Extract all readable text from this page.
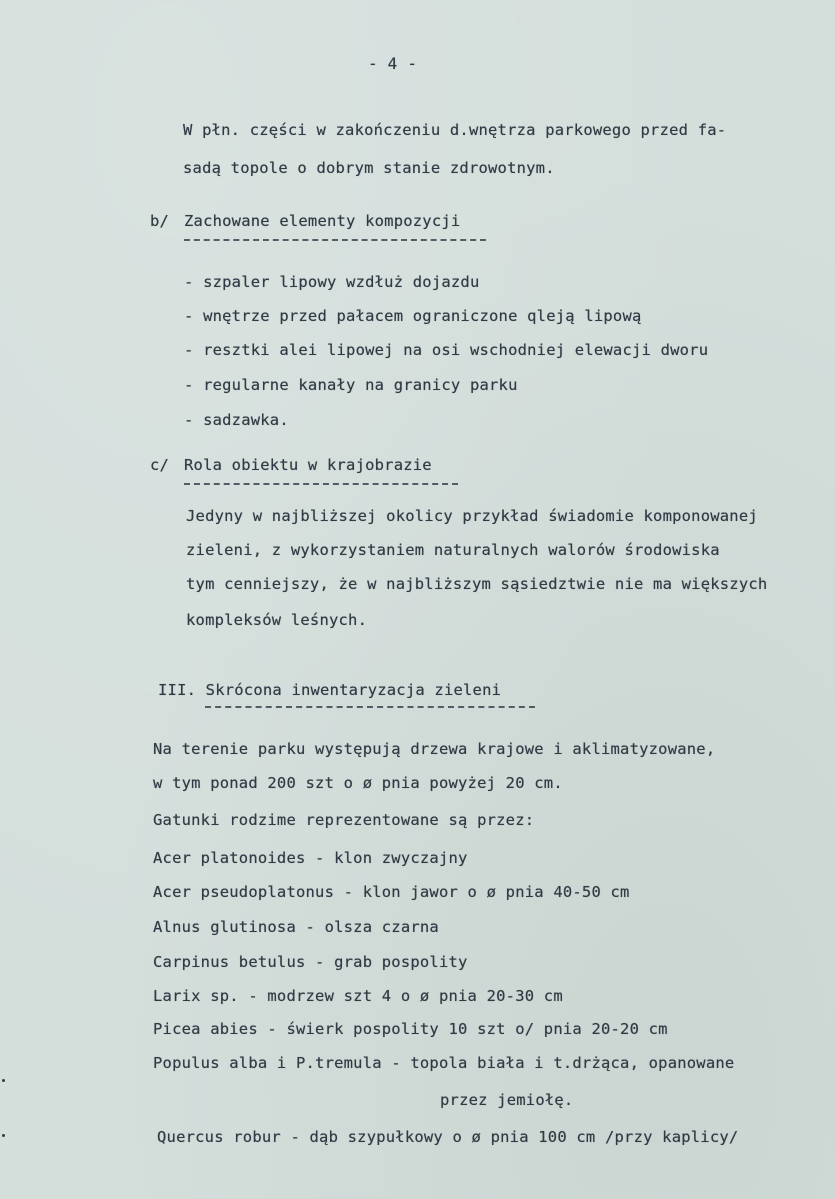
- 4 -
W płn. części w zakończeniu d.wnętrza parkowego przed fa-
sadą topole o dobrym stanie zdrowotnym.
b/ Zachowane elementy kompozycji
- szpaler lipowy wzdłuż dojazdu
- wnętrze przed pałacem ograniczone qleją lipową
- resztki alei lipowej na osi wschodniej elewacji dworu
- regularne kanały na granicy parku
- sadzawka.
c/ Rola obiektu w krajobrazie
Jedyny w najbliższej okolicy przykład świadomie komponowanej
zieleni, z wykorzystaniem naturalnych walorów środowiska
tym cenniejszy, że w najbliższym sąsiedztwie nie ma większych
kompleksów leśnych.
III. Skrócona inwentaryzacja zieleni
Na terenie parku występują drzewa krajowe i aklimatyzowane,
w tym ponad 200 szt o ø pnia powyżej 20 cm.
Gatunki rodzime reprezentowane są przez:
Acer platonoides - klon zwyczajny
Acer pseudoplatonus - klon jawor o ø pnia 40-50 cm
Alnus glutinosa - olsza czarna
Carpinus betulus - grab pospolity
Larix sp. - modrzew szt 4 o ø pnia 20-30 cm
Picea abies - świerk pospolity 10 szt o/ pnia 20-20 cm
Populus alba i P.tremula - topola biała i t.drżąca, opanowane
przez jemiołę.
Quercus robur - dąb szypułkowy o ø pnia 100 cm /przy kaplicy/
